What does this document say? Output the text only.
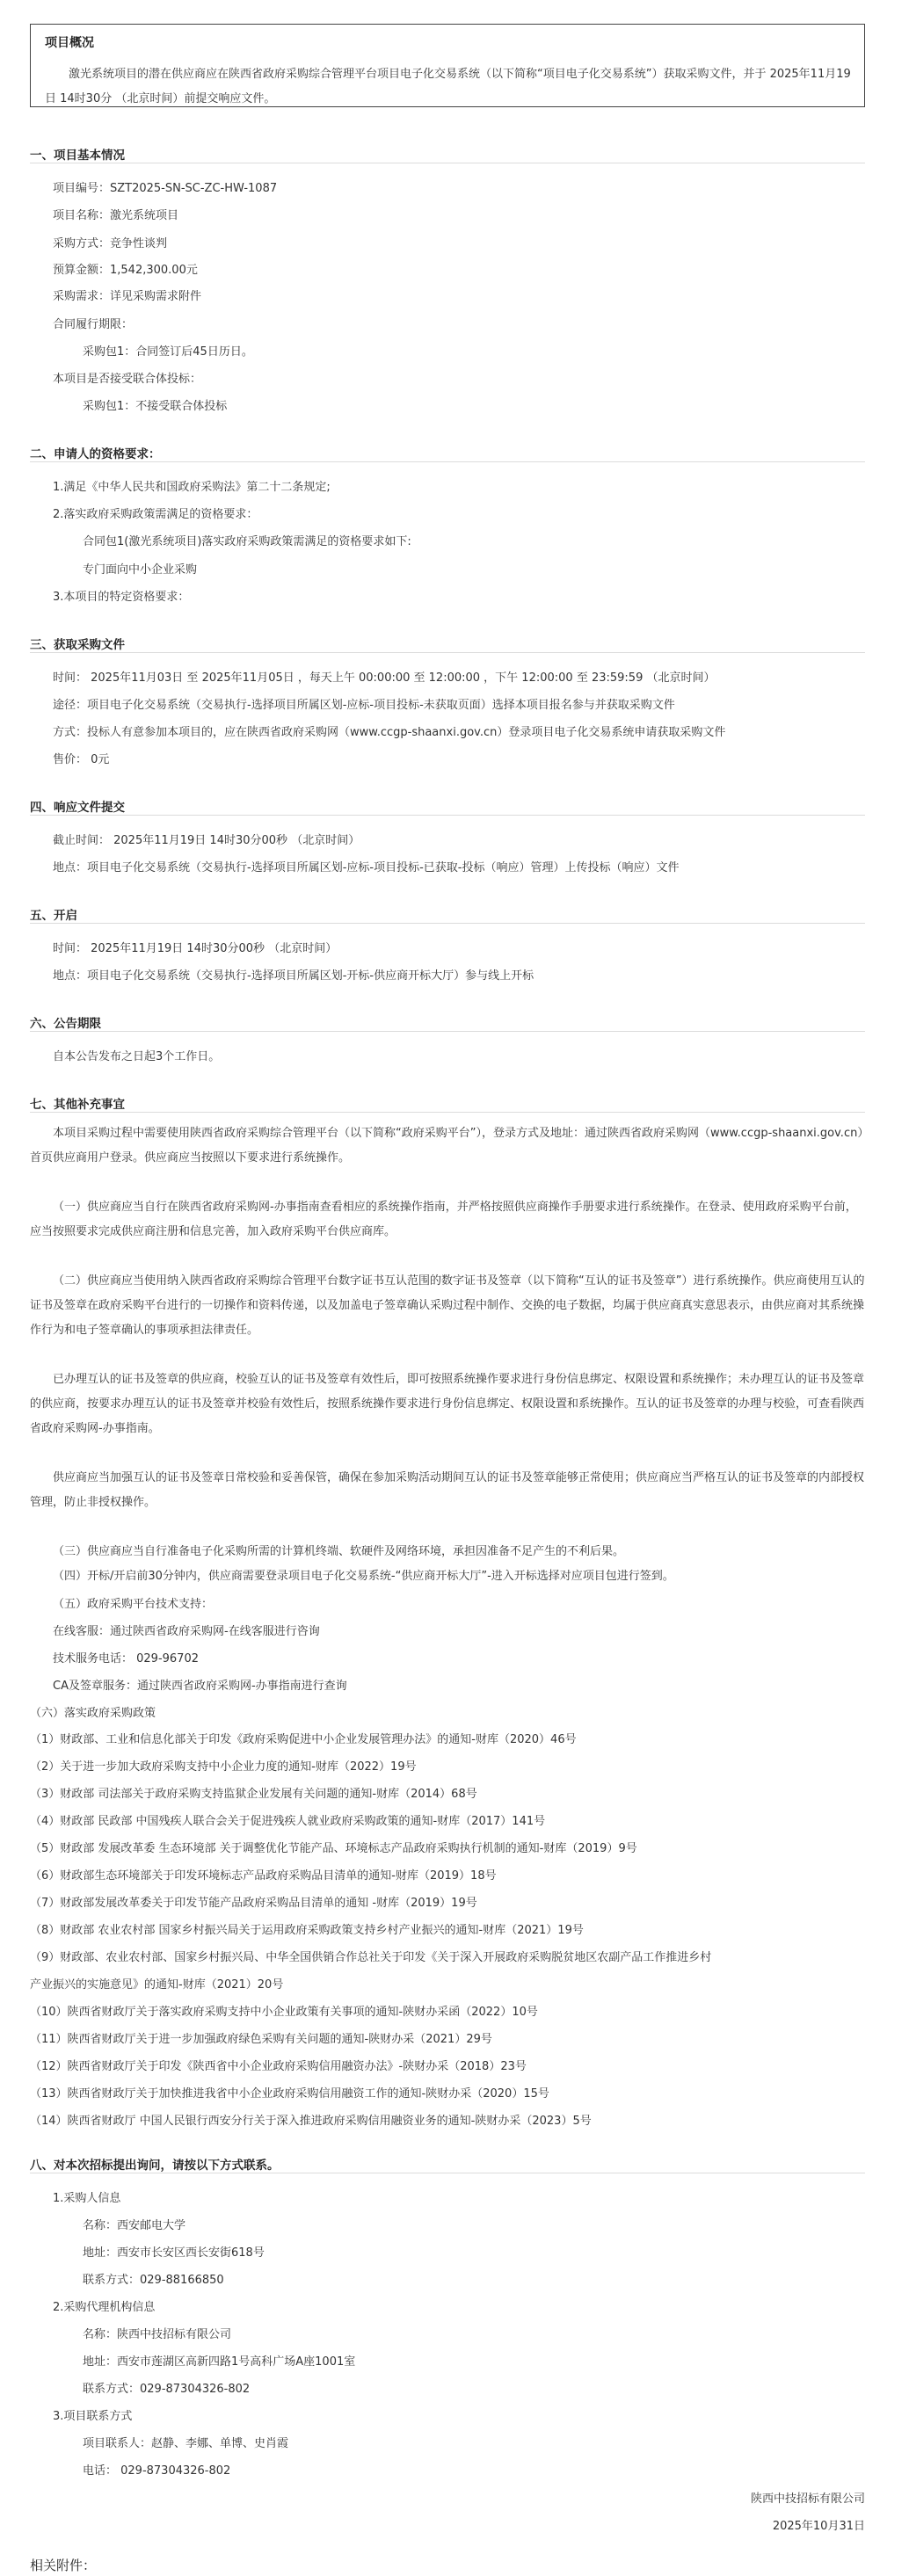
项目概况
激光系统项目的潜在供应商应在陕西省政府采购综合管理平台项目电子化交易系统（以下简称“项目电子化交易系统”）获取采购文件，并于 2025年11月19日 14时30分 （北京时间）前提交响应文件。
一、项目基本情况
项目编号：SZT2025-SN-SC-ZC-HW-1087
项目名称：激光系统项目
采购方式：竞争性谈判
预算金额：1,542,300.00元
采购需求：详见采购需求附件
合同履行期限：
采购包1：合同签订后45日历日。
本项目是否接受联合体投标：
采购包1：不接受联合体投标
二、申请人的资格要求：
1.满足《中华人民共和国政府采购法》第二十二条规定;
2.落实政府采购政策需满足的资格要求：
合同包1(激光系统项目)落实政府采购政策需满足的资格要求如下:
专门面向中小企业采购
3.本项目的特定资格要求：
三、获取采购文件
时间： 2025年11月03日 至 2025年11月05日 ，每天上午 00:00:00 至 12:00:00 ，下午 12:00:00 至 23:59:59 （北京时间）
途径：项目电子化交易系统（交易执行-选择项目所属区划-应标-项目投标-未获取页面）选择本项目报名参与并获取采购文件
方式：投标人有意参加本项目的，应在陕西省政府采购网（www.ccgp-shaanxi.gov.cn）登录项目电子化交易系统申请获取采购文件
售价： 0元
四、响应文件提交
截止时间： 2025年11月19日 14时30分00秒 （北京时间）
地点：项目电子化交易系统（交易执行-选择项目所属区划-应标-项目投标-已获取-投标（响应）管理）上传投标（响应）文件
五、开启
时间： 2025年11月19日 14时30分00秒 （北京时间）
地点：项目电子化交易系统（交易执行-选择项目所属区划-开标-供应商开标大厅）参与线上开标
六、公告期限
自本公告发布之日起3个工作日。
七、其他补充事宜
本项目采购过程中需要使用陕西省政府采购综合管理平台（以下简称“政府采购平台”），登录方式及地址：通过陕西省政府采购网（www.ccgp-shaanxi.gov.cn）首页供应商用户登录。供应商应当按照以下要求进行系统操作。
（一）供应商应当自行在陕西省政府采购网-办事指南查看相应的系统操作指南，并严格按照供应商操作手册要求进行系统操作。在登录、使用政府采购平台前，应当按照要求完成供应商注册和信息完善，加入政府采购平台供应商库。
（二）供应商应当使用纳入陕西省政府采购综合管理平台数字证书互认范围的数字证书及签章（以下简称“互认的证书及签章”）进行系统操作。供应商使用互认的证书及签章在政府采购平台进行的一切操作和资料传递，以及加盖电子签章确认采购过程中制作、交换的电子数据，均属于供应商真实意思表示，由供应商对其系统操作行为和电子签章确认的事项承担法律责任。
已办理互认的证书及签章的供应商，校验互认的证书及签章有效性后，即可按照系统操作要求进行身份信息绑定、权限设置和系统操作；未办理互认的证书及签章的供应商，按要求办理互认的证书及签章并校验有效性后，按照系统操作要求进行身份信息绑定、权限设置和系统操作。互认的证书及签章的办理与校验，可查看陕西省政府采购网-办事指南。
供应商应当加强互认的证书及签章日常校验和妥善保管，确保在参加采购活动期间互认的证书及签章能够正常使用；供应商应当严格互认的证书及签章的内部授权管理，防止非授权操作。
（三）供应商应当自行准备电子化采购所需的计算机终端、软硬件及网络环境，承担因准备不足产生的不利后果。
（四）开标/开启前30分钟内，供应商需要登录项目电子化交易系统-“供应商开标大厅”-进入开标选择对应项目包进行签到。
（五）政府采购平台技术支持：
在线客服：通过陕西省政府采购网-在线客服进行咨询
技术服务电话： 029-96702
CA及签章服务：通过陕西省政府采购网-办事指南进行查询
（六）落实政府采购政策
（1）财政部、工业和信息化部关于印发《政府采购促进中小企业发展管理办法》的通知-财库（2020）46号
（2）关于进一步加大政府采购支持中小企业力度的通知-财库（2022）19号
（3）财政部 司法部关于政府采购支持监狱企业发展有关问题的通知-财库（2014）68号
（4）财政部 民政部 中国残疾人联合会关于促进残疾人就业政府采购政策的通知-财库（2017）141号
（5）财政部 发展改革委 生态环境部 关于调整优化节能产品、环境标志产品政府采购执行机制的通知-财库（2019）9号
（6）财政部生态环境部关于印发环境标志产品政府采购品目清单的通知-财库（2019）18号
（7）财政部发展改革委关于印发节能产品政府采购品目清单的通知 -财库（2019）19号
（8）财政部 农业农村部 国家乡村振兴局关于运用政府采购政策支持乡村产业振兴的通知-财库（2021）19号
（9）财政部、农业农村部、国家乡村振兴局、中华全国供销合作总社关于印发《关于深入开展政府采购脱贫地区农副产品工作推进乡村
产业振兴的实施意见》的通知-财库（2021）20号
（10）陕西省财政厅关于落实政府采购支持中小企业政策有关事项的通知-陕财办采函（2022）10号
（11）陕西省财政厅关于进一步加强政府绿色采购有关问题的通知-陕财办采（2021）29号
（12）陕西省财政厅关于印发《陕西省中小企业政府采购信用融资办法》-陕财办采（2018）23号
（13）陕西省财政厅关于加快推进我省中小企业政府采购信用融资工作的通知-陕财办采（2020）15号
（14）陕西省财政厅 中国人民银行西安分行关于深入推进政府采购信用融资业务的通知-陕财办采（2023）5号
八、对本次招标提出询问，请按以下方式联系。
1.采购人信息
名称：西安邮电大学
地址：西安市长安区西长安街618号
联系方式：029-88166850
2.采购代理机构信息
名称：陕西中技招标有限公司
地址：西安市莲湖区高新四路1号高科广场A座1001室
联系方式：029-87304326-802
3.项目联系方式
项目联系人：赵静、李娜、单博、史肖霞
电话： 029-87304326-802
陕西中技招标有限公司
2025年10月31日
相关附件：
